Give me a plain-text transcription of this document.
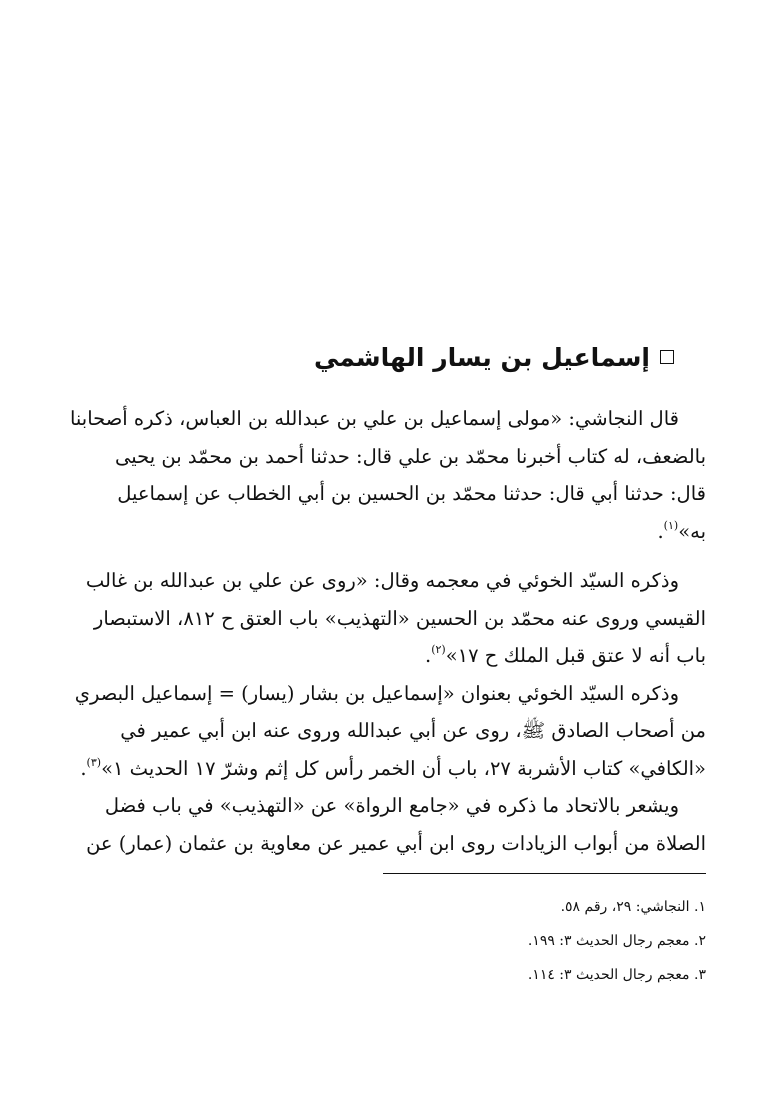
إسماعيل بن يسار الهاشمي
قال النجاشي: «مولى إسماعيل بن علي بن عبدالله بن العباس، ذكره أصحابنا
بالضعف، له كتاب أخبرنا محمّد بن علي قال: حدثنا أحمد بن محمّد بن يحيى
قال: حدثنا أبي قال: حدثنا محمّد بن الحسين بن أبي الخطاب عن إسماعيل
به»$^{(١)}$.
وذكره السيّد الخوئي في معجمه وقال: «روى عن علي بن عبدالله بن غالب
القيسي وروى عنه محمّد بن الحسين «التهذيب» باب العتق ح ٨١٢، الاستبصار
باب أنه لا عتق قبل الملك ح ١٧»$^{(٢)}$.
وذكره السيّد الخوئي بعنوان «إسماعيل بن بشار (يسار) = إسماعيل البصري
من أصحاب الصادق ﷺ، روى عن أبي عبدالله وروى عنه ابن أبي عمير في
«الكافي» كتاب الأشربة ٢٧، باب أن الخمر رأس كل إثم وشرّ ١٧ الحديث ١»$^{(٣)}$.
ويشعر بالاتحاد ما ذكره في «جامع الرواة» عن «التهذيب» في باب فضل
الصلاة من أبواب الزيادات روى ابن أبي عمير عن معاوية بن عثمان (عمار) عن
١. النجاشي: ٢٩، رقم ٥٨.
٢. معجم رجال الحديث ٣: ١٩٩.
٣. معجم رجال الحديث ٣: ١١٤.
